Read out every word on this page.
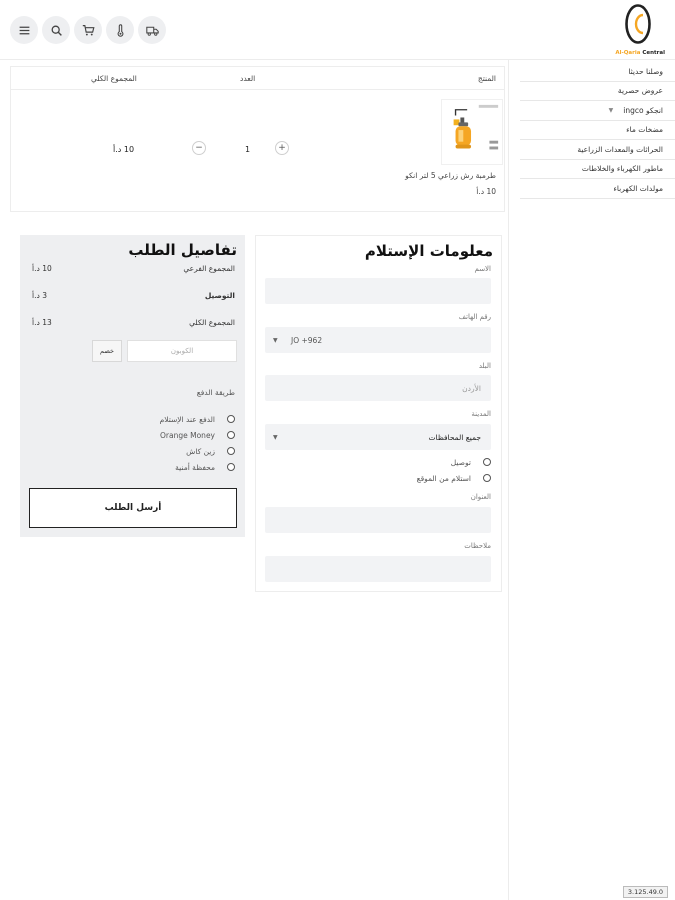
Al-Qaria Central
وصلنا حديثا
عروض حصرية
انجكو ingco
▼
مضخات ماء
الحراثات والمعدات الزراعية
ماطور الكهرباء والخلاطات
مولدات الكهرباء
المنتج
العدد
المجموع الكلي
طرمبة رش زراعي 5 لتر انكو
10 د.أ
+
1
−
10 د.أ
معلومات الإستلام
الاسم
رقم الهاتف
▼ JO +962
البلد
الأردن
المدينة
جميع المحافظات
▼
توصيل
استلام من الموقع
العنوان
ملاحظات
تفاصيل الطلب
المجموع الفرعي
10 د.أ
التوصيل
3 د.أ
المجموع الكلي
13 د.أ
الكوبون
خصم
طريقة الدفع
الدفع عند الإستلام
Orange Money
زين كاش
محفظة أمنية
أرسل الطلب
3.125.49.0
